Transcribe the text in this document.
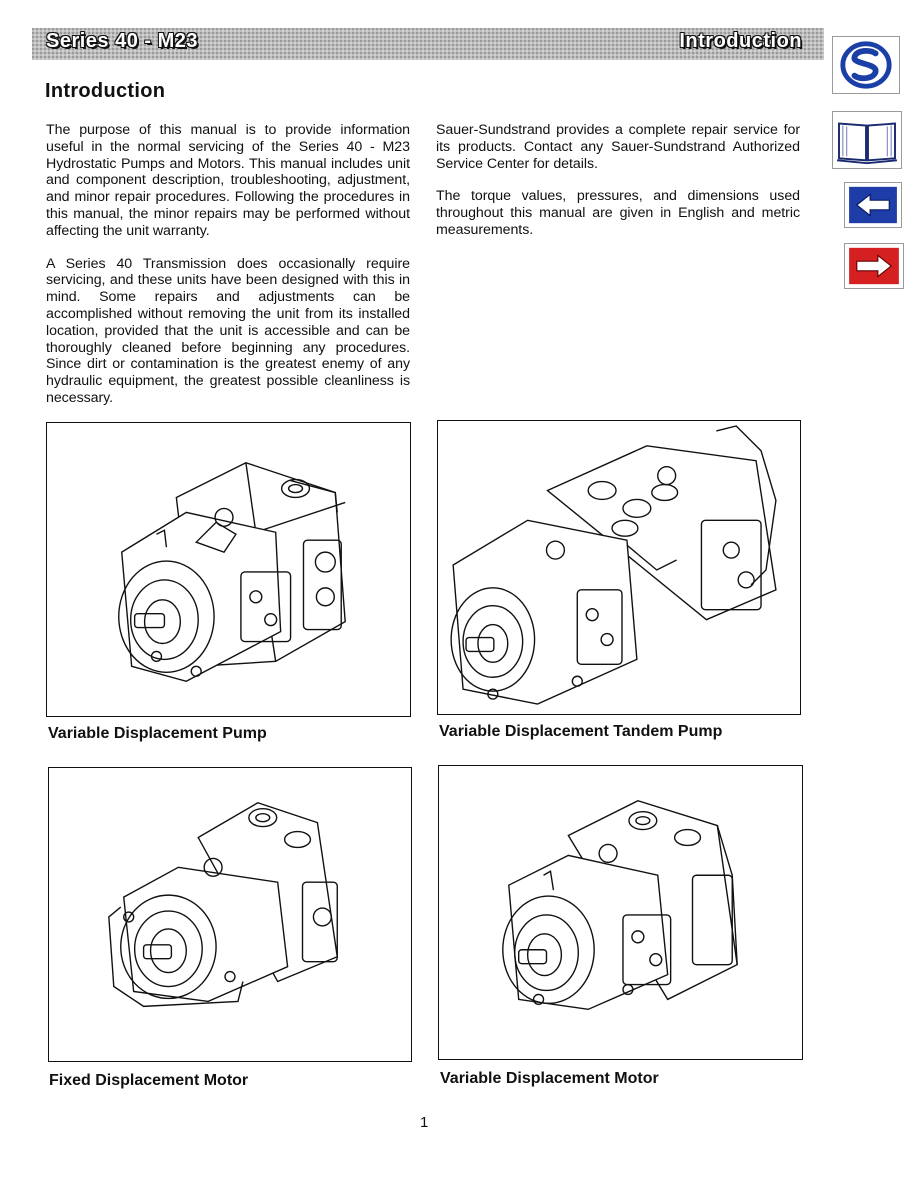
Series 40 - M23	Introduction
Introduction

The purpose of this manual is to provide information useful in the normal servicing of the Series 40 - M23 Hydrostatic Pumps and Motors. This manual includes unit and component description, troubleshooting, adjustment, and minor repair procedures. Following the procedures in this manual, the minor repairs may be performed without affecting the unit warranty.

A Series 40 Transmission does occasionally require servicing, and these units have been designed with this in mind. Some repairs and adjustments can be accomplished without removing the unit from its installed location, provided that the unit is accessible and can be thoroughly cleaned before beginning any procedures. Since dirt or contamination is the greatest enemy of any hydraulic equipment, the greatest possible cleanliness is necessary.

Sauer-Sundstrand provides a complete repair service for its products. Contact any Sauer-Sundstrand Authorized Service Center for details.

The torque values, pressures, and dimensions used throughout this manual are given in English and metric measurements.

Variable Displacement Pump	Variable Displacement Tandem Pump
Fixed Displacement Motor	Variable Displacement Motor
1
